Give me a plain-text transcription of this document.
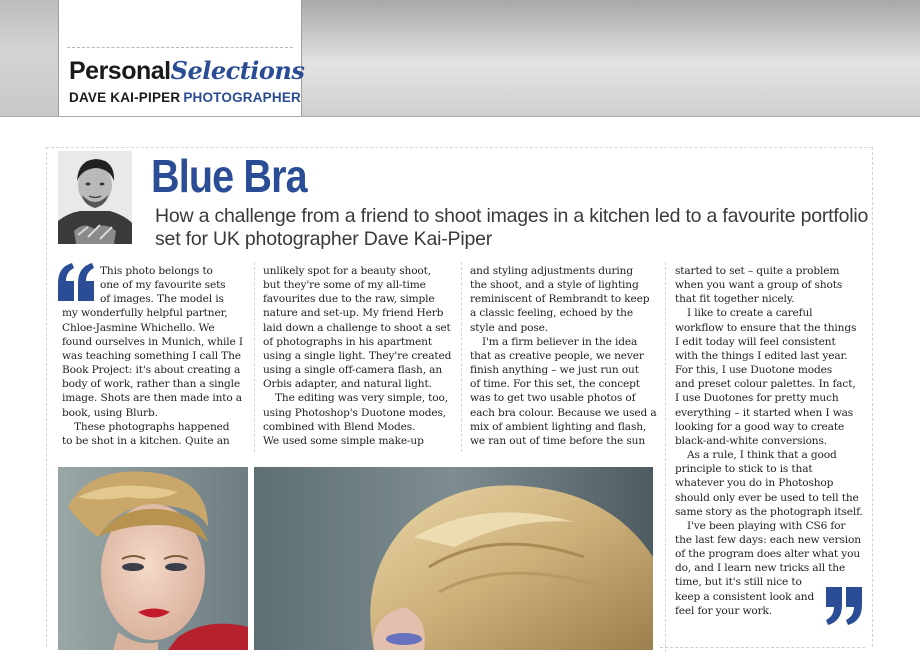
PersonalSelections

DAVE KAI-PIPER PHOTOGRAPHER

Blue Bra

How a challenge from a friend to shoot images in a kitchen led to a favourite portfolio set for UK photographer Dave Kai-Piper

This photo belongs to
one of my favourite sets
of images. The model is
my wonderfully helpful partner,
Chloe-Jasmine Whichello. We
found ourselves in Munich, while I
was teaching something I call The
Book Project: it's about creating a
body of work, rather than a single
image. Shots are then made into a
book, using Blurb.
These photographs happened
to be shot in a kitchen. Quite an

unlikely spot for a beauty shoot,
but they're some of my all-time
favourites due to the raw, simple
nature and set-up. My friend Herb
laid down a challenge to shoot a set
of photographs in his apartment
using a single light. They're created
using a single off-camera flash, an
Orbis adapter, and natural light.
The editing was very simple, too,
using Photoshop's Duotone modes,
combined with Blend Modes.
We used some simple make-up

and styling adjustments during
the shoot, and a style of lighting
reminiscent of Rembrandt to keep
a classic feeling, echoed by the
style and pose.
I'm a firm believer in the idea
that as creative people, we never
finish anything – we just run out
of time. For this set, the concept
was to get two usable photos of
each bra colour. Because we used a
mix of ambient lighting and flash,
we ran out of time before the sun

started to set – quite a problem
when you want a group of shots
that fit together nicely.
I like to create a careful
workflow to ensure that the things
I edit today will feel consistent
with the things I edited last year.
For this, I use Duotone modes
and preset colour palettes. In fact,
I use Duotones for pretty much
everything – it started when I was
looking for a good way to create
black-and-white conversions.
As a rule, I think that a good
principle to stick to is that
whatever you do in Photoshop
should only ever be used to tell the
same story as the photograph itself.
I've been playing with CS6 for
the last few days: each new version
of the program does alter what you
do, and I learn new tricks all the
time, but it's still nice to
keep a consistent look and
feel for your work.
